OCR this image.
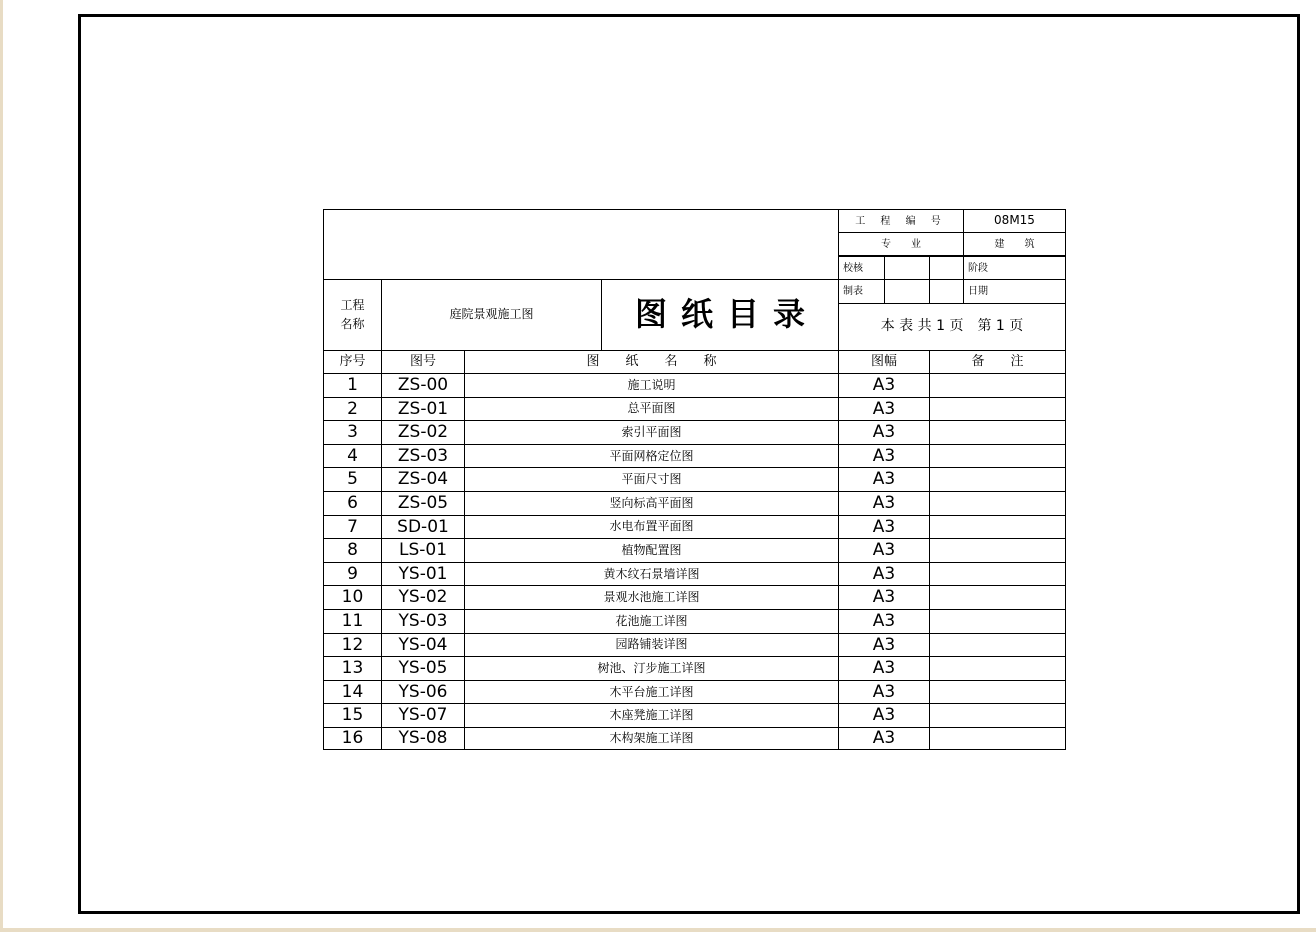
工 程 编 号	08M15
专　　业	建　　筑
校核	阶段
制表	日期
工程
名称
庭院景观施工图	图纸目录	本 表 共 1 页　第 1 页
序号	图号	图　　纸　　名　　称	图幅	备　　注
1	ZS-00	施工说明	A3
2	ZS-01	总平面图	A3
3	ZS-02	索引平面图	A3
4	ZS-03	平面网格定位图	A3
5	ZS-04	平面尺寸图	A3
6	ZS-05	竖向标高平面图	A3
7	SD-01	水电布置平面图	A3
8	LS-01	植物配置图	A3
9	YS-01	黄木纹石景墙详图	A3
10	YS-02	景观水池施工详图	A3
11	YS-03	花池施工详图	A3
12	YS-04	园路铺装详图	A3
13	YS-05	树池、汀步施工详图	A3
14	YS-06	木平台施工详图	A3
15	YS-07	木座凳施工详图	A3
16	YS-08	木构架施工详图	A3
